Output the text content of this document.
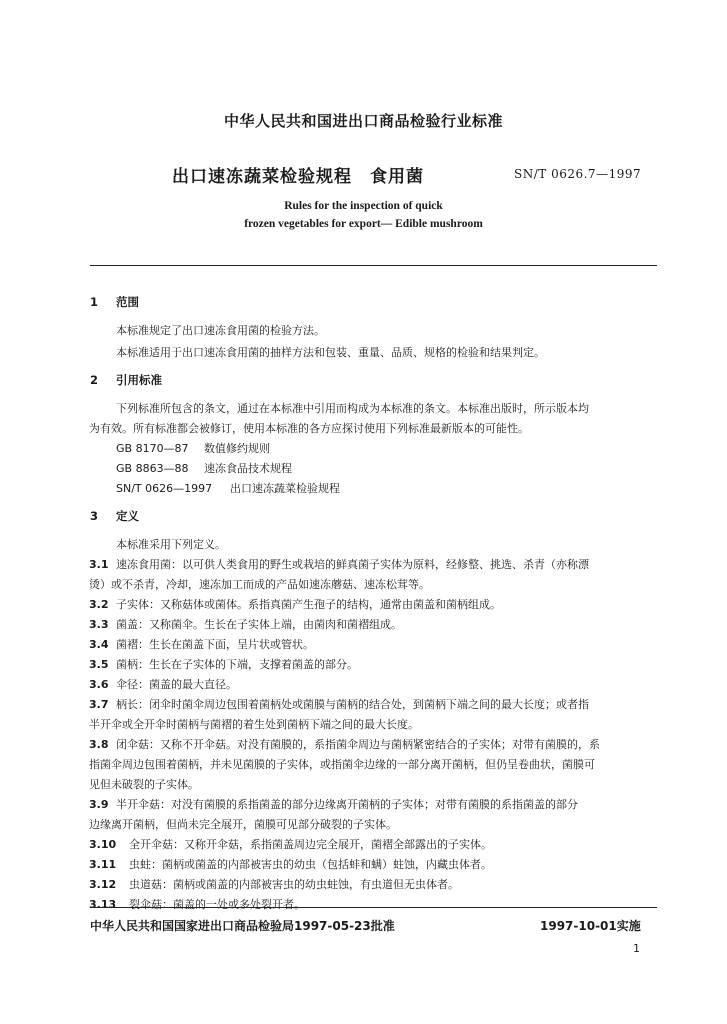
中华人民共和国进出口商品检验行业标准
出口速冻蔬菜检验规程　食用菌	SN/T 0626.7—1997
Rules for the inspection of quick
frozen vegetables for export— Edible mushroom
1 范围
本标准规定了出口速冻食用菌的检验方法。
本标准适用于出口速冻食用菌的抽样方法和包装、重量、品质、规格的检验和结果判定。
2 引用标准
下列标准所包含的条文，通过在本标准中引用而构成为本标准的条文。本标准出版时，所示版本均
为有效。所有标准都会被修订，使用本标准的各方应探讨使用下列标准最新版本的可能性。
GB 8170—87 数值修约规则
GB 8863—88 速冻食品技术规程
SN/T 0626—1997 出口速冻蔬菜检验规程
3 定义
本标准采用下列定义。
3.1 速冻食用菌：以可供人类食用的野生或栽培的鲜真菌子实体为原料，经修整、挑选、杀青（亦称漂
烫）或不杀青，冷却，速冻加工而成的产品如速冻蘑菇、速冻松茸等。
3.2 子实体：又称菇体或菌体。系指真菌产生孢子的结构，通常由菌盖和菌柄组成。
3.3 菌盖：又称菌伞。生长在子实体上端，由菌肉和菌褶组成。
3.4 菌褶：生长在菌盖下面，呈片状或管状。
3.5 菌柄：生长在子实体的下端，支撑着菌盖的部分。
3.6 伞径：菌盖的最大直径。
3.7 柄长：闭伞时菌伞周边包围着菌柄处或菌膜与菌柄的结合处，到菌柄下端之间的最大长度；或者指
半开伞或全开伞时菌柄与菌褶的着生处到菌柄下端之间的最大长度。
3.8 闭伞菇：又称不开伞菇。对没有菌膜的，系指菌伞周边与菌柄紧密结合的子实体；对带有菌膜的，系
指菌伞周边包围着菌柄，并未见菌膜的子实体，或指菌伞边缘的一部分离开菌柄，但仍呈卷曲状，菌膜可
见但未破裂的子实体。
3.9 半开伞菇：对没有菌膜的系指菌盖的部分边缘离开菌柄的子实体；对带有菌膜的系指菌盖的部分
边缘离开菌柄，但尚未完全展开，菌膜可见部分破裂的子实体。
3.10 全开伞菇：又称开伞菇，系指菌盖周边完全展开，菌褶全部露出的子实体。
3.11 虫蛀：菌柄或菌盖的内部被害虫的幼虫（包括蚌和螨）蛀蚀，内藏虫体者。
3.12 虫道菇：菌柄或菌盖的内部被害虫的幼虫蛀蚀，有虫道但无虫体者。
3.13 裂伞菇：菌盖的一处或多处裂开者。
中华人民共和国国家进出口商品检验局1997-05-23批准	1997-10-01实施
1
